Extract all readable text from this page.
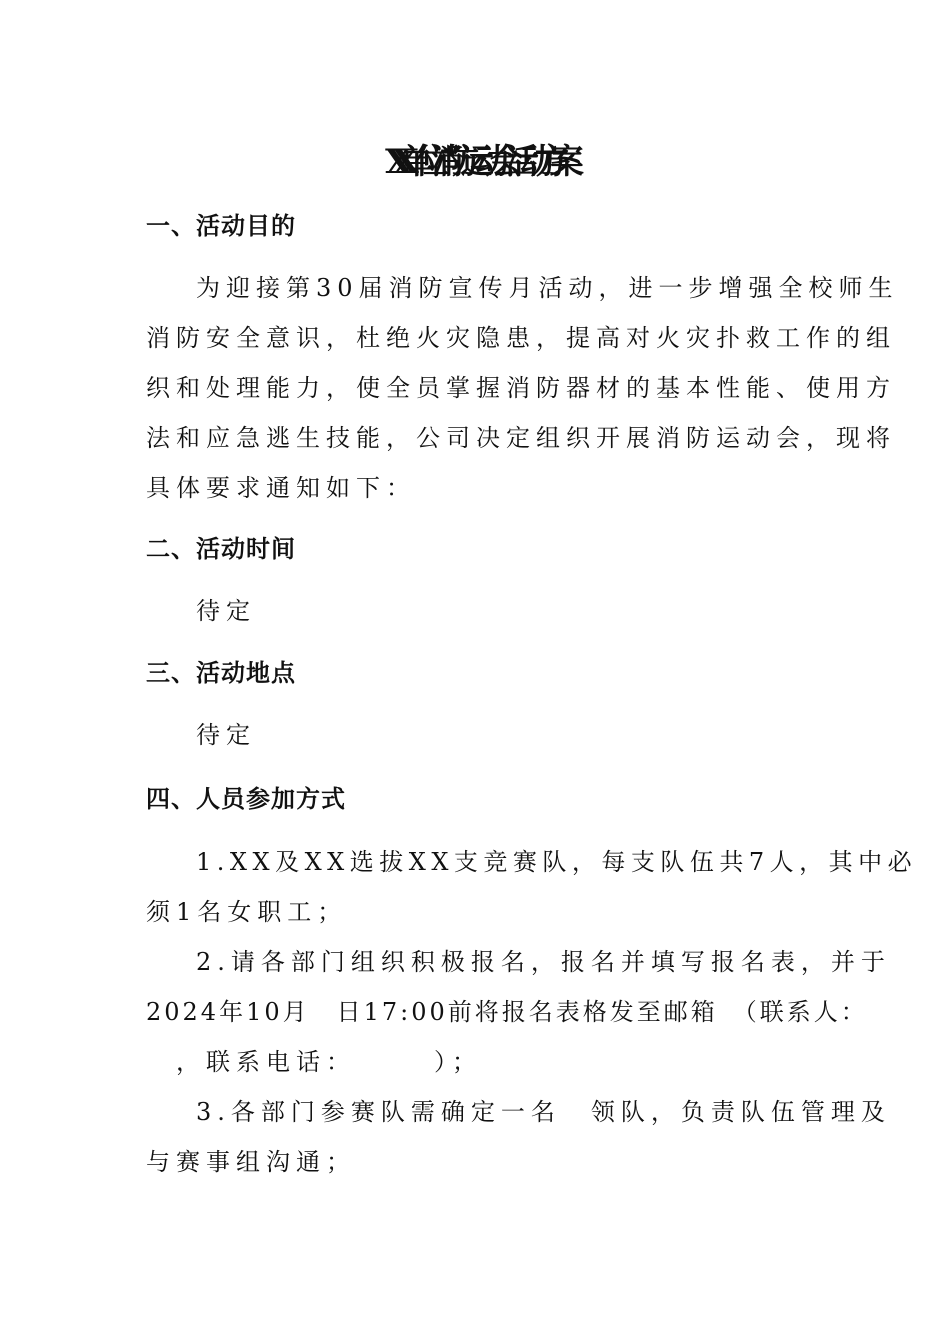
XX单位消防运动会活动方案
一、活动目的
为迎接第30届消防宣传月活动，进一步增强全校师生
消防安全意识，杜绝火灾隐患，提高对火灾扑救工作的组
织和处理能力，使全员掌握消防器材的基本性能、使用方
法和应急逃生技能，公司决定组织开展消防运动会，现将
具体要求通知如下：
二、活动时间
待定
三、活动地点
待定
四、人员参加方式
1.XX及XX选拔XX支竞赛队，每支队伍共7人，其中必
须1名女职工；
2.请各部门组织积极报名，报名并填写报名表，并于
2024年10月　日17:00前将报名表格发至邮箱　（联系人：
　，联系电话：　　　）；
3.各部门参赛队需确定一名　领队，负责队伍管理及
与赛事组沟通；
